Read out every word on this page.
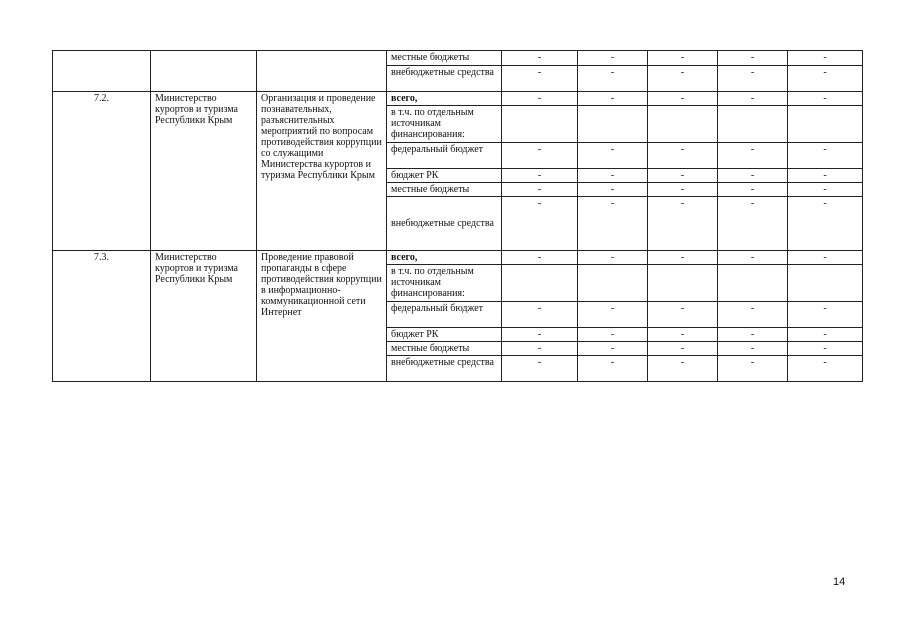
			местные бюджеты	-	-	-	-	-
			внебюджетные средства	-	-	-	-	-
7.2.	Министерство курортов и туризма Республики Крым	Организация и проведение познавательных, разъяснительных мероприятий по вопросам противодействия коррупции со служащими Министерства курортов и туризма Республики Крым	всего,	-	-	-	-	-
			в т.ч. по отдельным источникам финансирования:					
			федеральный бюджет	-	-	-	-	-
			бюджет РК	-	-	-	-	-
			местные бюджеты	-	-	-	-	-
			внебюджетные средства	-	-	-	-	-
7.3.	Министерство курортов и туризма Республики Крым	Проведение правовой пропаганды в сфере противодействия коррупции в информационно-коммуникационной сети Интернет	всего,	-	-	-	-	-
			в т.ч. по отдельным источникам финансирования:					
			федеральный бюджет	-	-	-	-	-
			бюджет РК	-	-	-	-	-
			местные бюджеты	-	-	-	-	-
			внебюджетные средства	-	-	-	-	-
14
